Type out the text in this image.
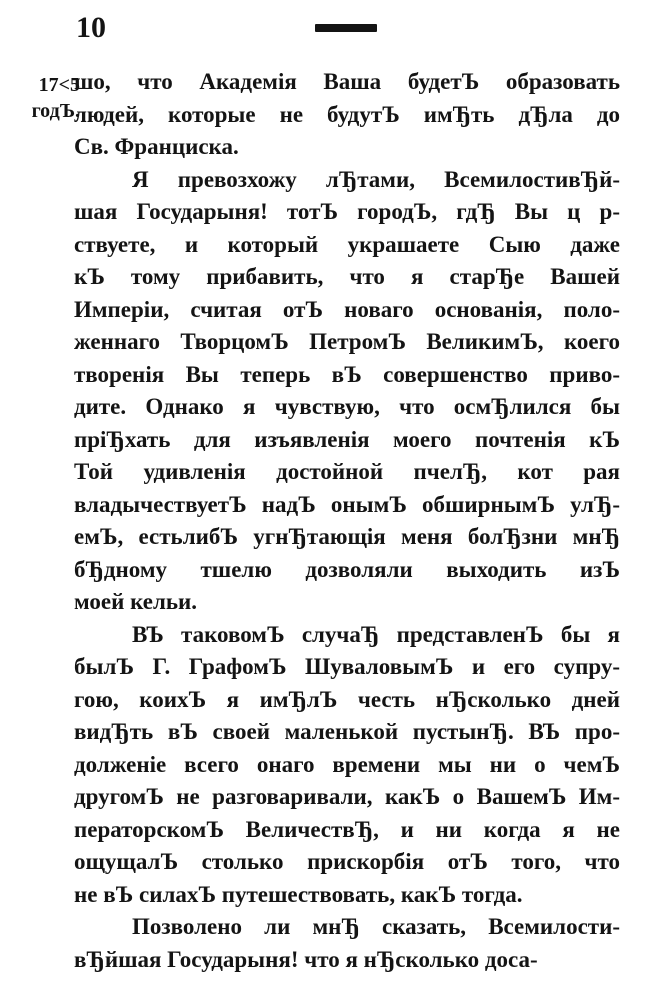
10
17<5
годЪ.
шо, что Академія Ваша будетЪ образовать
людей, которые не будутЪ имЂть дЂла до
Св. Франциска.
Я превозхожу лЂтами, ВсемилостивЂй-
шая Государыня! тотЪ городЪ, гдЂ Вы ц р-
ствуете, и который украшаете Сыю даже
кЪ тому прибавить, что я старЂе Вашей
Имперіи, считая отЪ новаго основанія, поло-
женнаго ТворцомЪ ПетромЪ ВеликимЪ, коего
творенія Вы теперь вЪ совершенство приво-
дите. Однако я чувствую, что осмЂлился бы
пріЂхать для изъявленія моего почтенія кЪ
Той удивленія достойной пчелЂ, кот рая
владычествуетЪ надЪ онымЪ обширнымЪ улЂ-
емЪ, естьлибЪ угнЂтающія меня болЂзни мнЂ
бЂдному тшелю дозволяли выходить изЪ
моей кельи.
ВЪ таковомЪ случаЂ представленЪ бы я
былЪ Г. ГрафомЪ ШуваловымЪ и его супру-
гою, коихЪ я имЂлЪ честь нЂсколько дней
видЂть вЪ своей маленькой пустынЂ. ВЪ про-
долженіе всего онаго времени мы ни о чемЪ
другомЪ не разговаривали, какЪ о ВашемЪ Им-
ператорскомЪ ВеличествЂ, и ни когда я не
ощущалЪ столько прискорбія отЪ того, что
не вЪ силахЪ путешествовать, какЪ тогда.
Позволено ли мнЂ сказать, Всемилости-
вЂйшая Государыня! что я нЂсколько доса-
